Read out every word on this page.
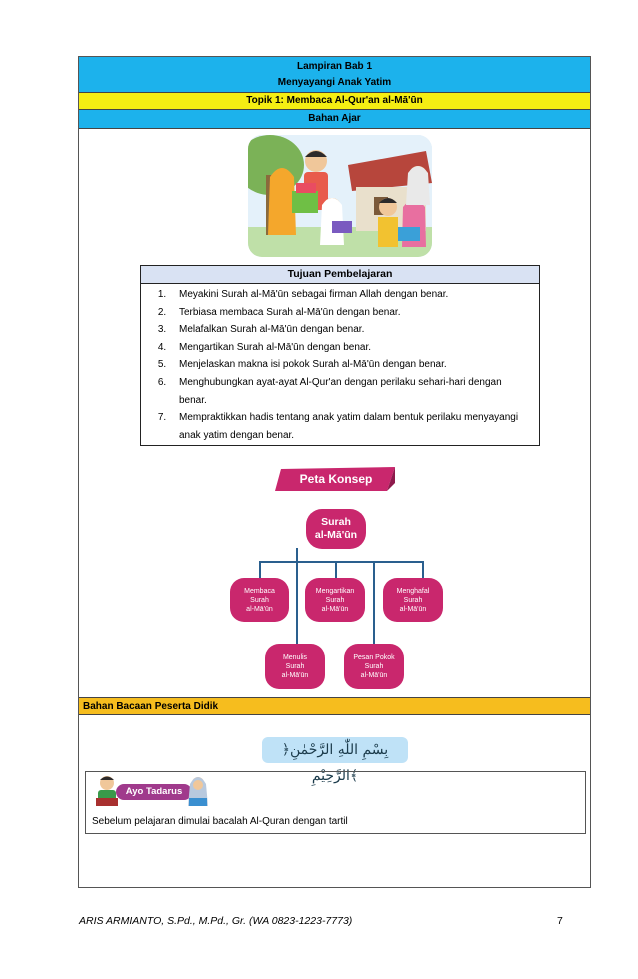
Lampiran Bab 1
Menyayangi Anak Yatim
Topik 1: Membaca Al-Qur'an al-Mā'ūn
Bahan Ajar
Tujuan Pembelajaran
1. Meyakini Surah al-Mā'ūn sebagai firman Allah dengan benar.
2. Terbiasa membaca Surah al-Mā'ūn dengan benar.
3. Melafalkan Surah al-Mā'ūn dengan benar.
4. Mengartikan Surah al-Mā'ūn dengan benar.
5. Menjelaskan makna isi pokok Surah al-Mā'ūn dengan benar.
6. Menghubungkan ayat-ayat Al-Qur'an dengan perilaku sehari-hari dengan benar.
7. Mempraktikkan hadis tentang anak yatim dalam bentuk perilaku menyayangi anak yatim dengan benar.
Peta Konsep
Surah
al-Mā'ūn
Membaca
Surah
al-Mā'ūn
Mengartikan
Surah
al-Mā'ūn
Menghafal
Surah
al-Mā'ūn
Menulis
Surah
al-Mā'ūn
Pesan Pokok
Surah
al-Mā'ūn
Bahan Bacaan Peserta Didik
﴿بِسْمِ اللّٰهِ الرَّحْمٰنِ الرَّحِيْمِ﴾
Ayo Tadarus
Sebelum pelajaran dimulai bacalah Al-Quran dengan tartil
ARIS ARMIANTO, S.Pd., M.Pd., Gr. (WA 0823-1223-7773)	7
